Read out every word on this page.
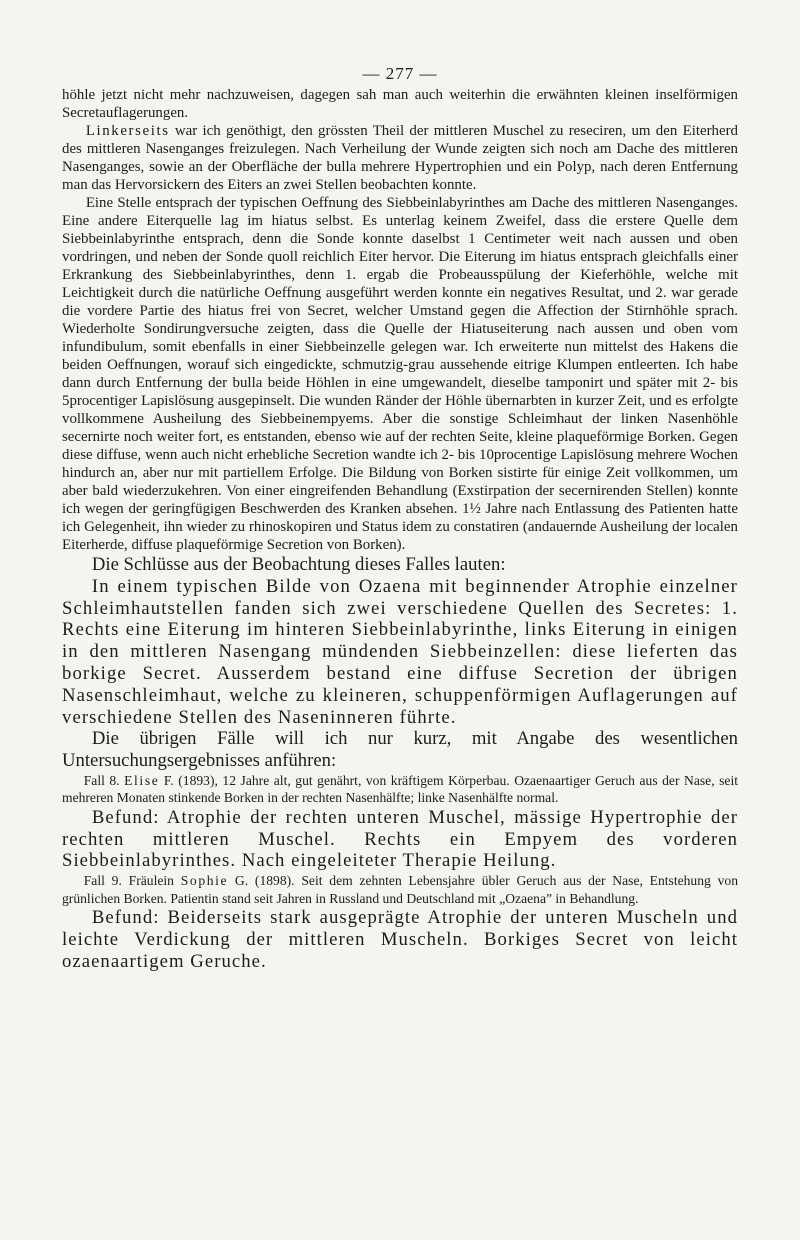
— 277 —

höhle jetzt nicht mehr nachzuweisen, dagegen sah man auch weiterhin die erwähnten kleinen inselförmigen Secretauflagerungen.

Linkerseits war ich genöthigt, den grössten Theil der mittleren Muschel zu reseciren, um den Eiterherd des mittleren Nasenganges freizulegen. Nach Verheilung der Wunde zeigten sich noch am Dache des mittleren Nasenganges, sowie an der Oberfläche der bulla mehrere Hypertrophien und ein Polyp, nach deren Entfernung man das Hervorsickern des Eiters an zwei Stellen beobachten konnte.

Eine Stelle entsprach der typischen Oeffnung des Siebbeinlabyrinthes am Dache des mittleren Nasenganges. Eine andere Eiterquelle lag im hiatus selbst. Es unterlag keinem Zweifel, dass die erstere Quelle dem Siebbeinlabyrinthe entsprach, denn die Sonde konnte daselbst 1 Centimeter weit nach aussen und oben vordringen, und neben der Sonde quoll reichlich Eiter hervor. Die Eiterung im hiatus entsprach gleichfalls einer Erkrankung des Siebbeinlabyrinthes, denn 1. ergab die Probeausspülung der Kieferhöhle, welche mit Leichtigkeit durch die natürliche Oeffnung ausgeführt werden konnte ein negatives Resultat, und 2. war gerade die vordere Partie des hiatus frei von Secret, welcher Umstand gegen die Affection der Stirnhöhle sprach. Wiederholte Sondirungversuche zeigten, dass die Quelle der Hiatuseiterung nach aussen und oben vom infundibulum, somit ebenfalls in einer Siebbeinzelle gelegen war. Ich erweiterte nun mittelst des Hakens die beiden Oeffnungen, worauf sich eingedickte, schmutzig-grau aussehende eitrige Klumpen entleerten. Ich habe dann durch Entfernung der bulla beide Höhlen in eine umgewandelt, dieselbe tamponirt und später mit 2- bis 5procentiger Lapislösung ausgepinselt. Die wunden Ränder der Höhle übernarbten in kurzer Zeit, und es erfolgte vollkommene Ausheilung des Siebbeinempyems. Aber die sonstige Schleimhaut der linken Nasenhöhle secernirte noch weiter fort, es entstanden, ebenso wie auf der rechten Seite, kleine plaqueförmige Borken. Gegen diese diffuse, wenn auch nicht erhebliche Secretion wandte ich 2- bis 10procentige Lapislösung mehrere Wochen hindurch an, aber nur mit partiellem Erfolge. Die Bildung von Borken sistirte für einige Zeit vollkommen, um aber bald wiederzukehren. Von einer eingreifenden Behandlung (Exstirpation der secernirenden Stellen) konnte ich wegen der geringfügigen Beschwerden des Kranken absehen. 1½ Jahre nach Entlassung des Patienten hatte ich Gelegenheit, ihn wieder zu rhinoskopiren und Status idem zu constatiren (andauernde Ausheilung der localen Eiterherde, diffuse plaqueförmige Secretion von Borken).

Die Schlüsse aus der Beobachtung dieses Falles lauten:

In einem typischen Bilde von Ozaena mit beginnender Atrophie einzelner Schleimhautstellen fanden sich zwei verschiedene Quellen des Secretes: 1. Rechts eine Eiterung im hinteren Siebbeinlabyrinthe, links Eiterung in einigen in den mittleren Nasengang mündenden Siebbeinzellen: diese lieferten das borkige Secret. Ausserdem bestand eine diffuse Secretion der übrigen Nasenschleimhaut, welche zu kleineren, schuppenförmigen Auflagerungen auf verschiedene Stellen des Naseninneren führte.

Die übrigen Fälle will ich nur kurz, mit Angabe des wesentlichen Untersuchungsergebnisses anführen:

Fall 8. Elise F. (1893), 12 Jahre alt, gut genährt, von kräftigem Körperbau. Ozaenaartiger Geruch aus der Nase, seit mehreren Monaten stinkende Borken in der rechten Nasenhälfte; linke Nasenhälfte normal.

Befund: Atrophie der rechten unteren Muschel, mässige Hypertrophie der rechten mittleren Muschel. Rechts ein Empyem des vorderen Siebbeinlabyrinthes. Nach eingeleiteter Therapie Heilung.

Fall 9. Fräulein Sophie G. (1898). Seit dem zehnten Lebensjahre übler Geruch aus der Nase, Entstehung von grünlichen Borken. Patientin stand seit Jahren in Russland und Deutschland mit „Ozaena” in Behandlung.

Befund: Beiderseits stark ausgeprägte Atrophie der unteren Muscheln und leichte Verdickung der mittleren Muscheln. Borkiges Secret von leicht ozaenaartigem Geruche.
